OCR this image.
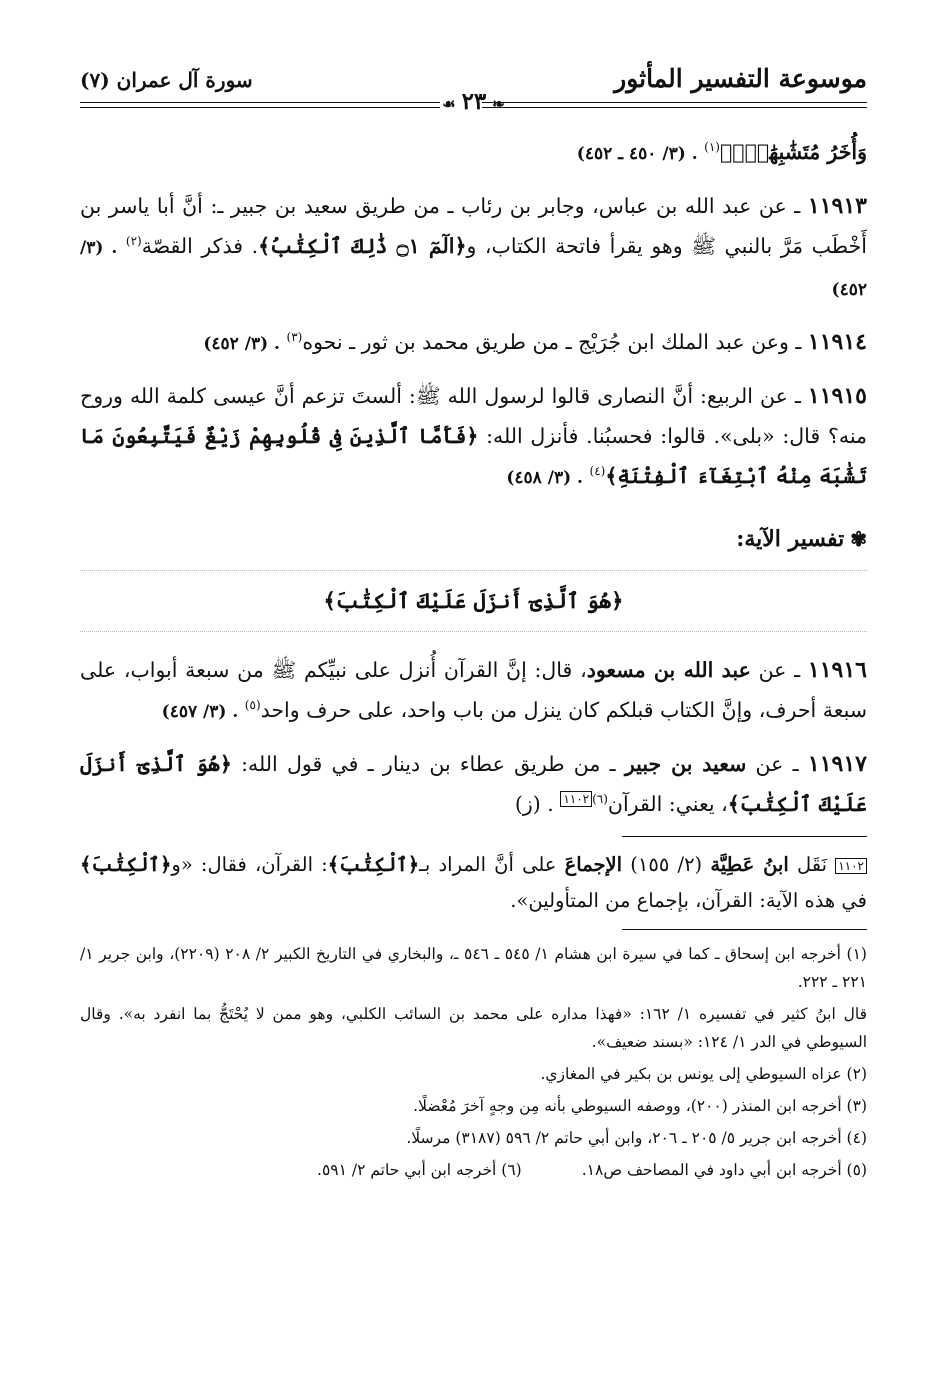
موسوعة التفسير المأثور
سورة آل عمران (٧)
❧٢٣☙

وَأُخَرُ مُتَشَٰبِهَٰتٌۖ﴾$^{(١)}$ . (٣/ ٤٥٠ ـ ٤٥٢)

١١٩١٣ ـ عن عبد الله بن عباس، وجابر بن رئاب ـ من طريق سعيد بن جبير ـ: أنَّ أبا ياسر بن أَخْطَب مَرَّ بالنبي ﷺ وهو يقرأ فاتحة الكتاب، و﴿الٓمٓ ۝١ ذَٰلِكَ ٱلْكِتَٰبُ﴾. فذكر القصّة$^{(٢)}$ . (٣/ ٤٥٢)

١١٩١٤ ـ وعن عبد الملك ابن جُرَيْج ـ من طريق محمد بن ثور ـ نحوه$^{(٣)}$ . (٣/ ٤٥٢)

١١٩١٥ ـ عن الربيع: أنَّ النصارى قالوا لرسول الله ﷺ: ألستَ تزعم أنَّ عيسى كلمة الله وروح منه؟ قال: «بلى». قالوا: فحسبُنا. فأنزل الله: ﴿فَأَمَّا ٱلَّذِينَ فِى قُلُوبِهِمْ زَيْغٌ فَيَتَّبِعُونَ مَا تَشَٰبَهَ مِنْهُ ٱبْتِغَآءَ ٱلْفِتْنَةِ﴾$^{(٤)}$ . (٣/ ٤٥٨)

✾تفسير الآية:
﴿هُوَ ٱلَّذِىٓ أَنزَلَ عَلَيْكَ ٱلْكِتَٰبَ﴾

١١٩١٦ ـ عن عبد الله بن مسعود، قال: إنَّ القرآن أُنزل على نبيِّكم ﷺ من سبعة أبواب، على سبعة أحرف، وإنَّ الكتاب قبلكم كان ينزل من باب واحد، على حرف واحد$^{(٥)}$ . (٣/ ٤٥٧)

١١٩١٧ ـ عن سعيد بن جبير ـ من طريق عطاء بن دينار ـ في قول الله: ﴿هُوَ ٱلَّذِىٓ أَنزَلَ عَلَيْكَ ٱلْكِتَٰبَ﴾، يعني: القرآن$^{(٦)}$١١٠٢ . (ز)

١١٠٢ نَقَل ابنُ عَطِيَّة (٢/ ١٥٥) الإجماعَ على أنَّ المراد بـ﴿ٱلْكِتَٰبَ﴾: القرآن، فقال: «و﴿ٱلْكِتَٰبَ﴾ في هذه الآية: القرآن، بإجماع من المتأولين».

(١) أخرجه ابن إسحاق ـ كما في سيرة ابن هشام ١/ ٥٤٥ ـ ٥٤٦ ـ، والبخاري في التاريخ الكبير ٢/ ٢٠٨ (٢٢٠٩)، وابن جرير ١/ ٢٢١ ـ ٢٢٢.

قال ابنُ كثير في تفسيره ١/ ١٦٢: «فهذا مداره على محمد بن السائب الكلبي، وهو ممن لا يُحْتَجُّ بما انفرد به». وقال السيوطي في الدر ١/ ١٢٤: «بسند ضعيف».

(٢) عزاه السيوطي إلى يونس بن بكير في المغازي.

(٣) أخرجه ابن المنذر (٢٠٠)، ووصفه السيوطي بأنه مِن وجهٍ آخرَ مُعْضلًا.

(٤) أخرجه ابن جرير ٥/ ٢٠٥ ـ ٢٠٦، وابن أبي حاتم ٢/ ٥٩٦ (٣١٨٧) مرسلًا.

(٥) أخرجه ابن أبي داود في المصاحف ص١٨.
(٦) أخرجه ابن أبي حاتم ٢/ ٥٩١.
